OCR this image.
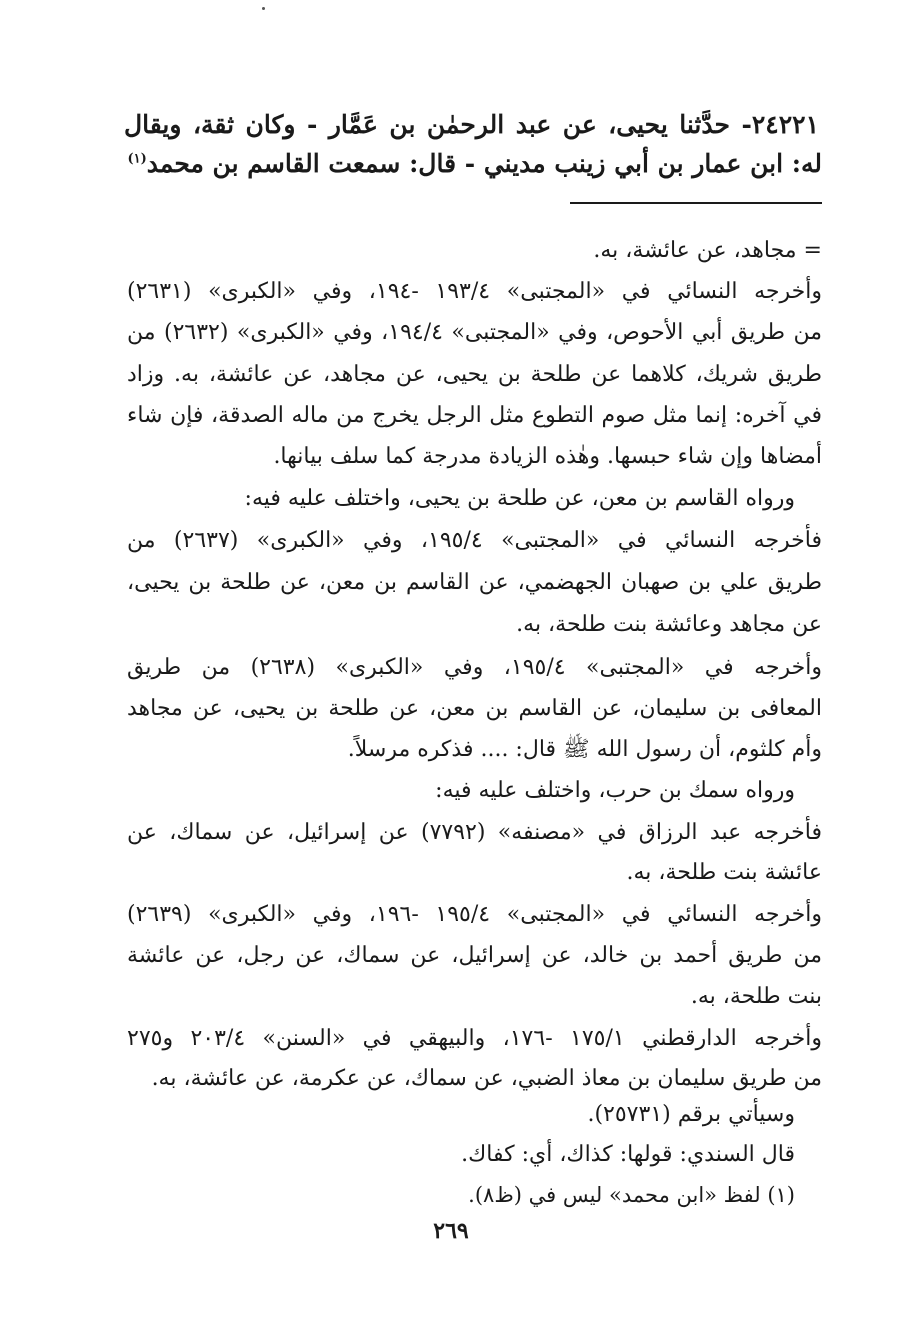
٢٤٢٢١- حدَّثنا يحيى، عن عبد الرحمٰن بن عَمَّار - وكان ثقة، ويقال
له: ابن عمار بن أبي زينب مديني - قال: سمعت القاسم بن محمد$^{(١)}$
= مجاهد، عن عائشة، به.
وأخرجه النسائي في «المجتبى» ١٩٣/٤ -١٩٤، وفي «الكبرى» (٢٦٣١)
من طريق أبي الأحوص، وفي «المجتبى» ١٩٤/٤، وفي «الكبرى» (٢٦٣٢) من
طريق شريك، كلاهما عن طلحة بن يحيى، عن مجاهد، عن عائشة، به. وزاد
في آخره: إنما مثل صوم التطوع مثل الرجل يخرج من ماله الصدقة، فإن شاء
أمضاها وإن شاء حبسها. وهٰذه الزيادة مدرجة كما سلف بيانها.
ورواه القاسم بن معن، عن طلحة بن يحيى، واختلف عليه فيه:
فأخرجه النسائي في «المجتبى» ١٩٥/٤، وفي «الكبرى» (٢٦٣٧) من
طريق علي بن صهبان الجهضمي، عن القاسم بن معن، عن طلحة بن يحيى،
عن مجاهد وعائشة بنت طلحة، به.
وأخرجه في «المجتبى» ١٩٥/٤، وفي «الكبرى» (٢٦٣٨) من طريق
المعافى بن سليمان، عن القاسم بن معن، عن طلحة بن يحيى، عن مجاهد
وأم كلثوم، أن رسول الله ﷺ قال: .... فذكره مرسلاً.
ورواه سمك بن حرب، واختلف عليه فيه:
فأخرجه عبد الرزاق في «مصنفه» (٧٧٩٢) عن إسرائيل، عن سماك، عن
عائشة بنت طلحة، به.
وأخرجه النسائي في «المجتبى» ١٩٥/٤ -١٩٦، وفي «الكبرى» (٢٦٣٩)
من طريق أحمد بن خالد، عن إسرائيل، عن سماك، عن رجل، عن عائشة
بنت طلحة، به.
وأخرجه الدارقطني ١٧٥/١ -١٧٦، والبيهقي في «السنن» ٢٠٣/٤ و٢٧٥
من طريق سليمان بن معاذ الضبي، عن سماك، عن عكرمة، عن عائشة، به.
وسيأتي برقم (٢٥٧٣١).
قال السندي: قولها: كذاك، أي: كفاك.
(١) لفظ «ابن محمد» ليس في (ظ٨).
٢٦٩
